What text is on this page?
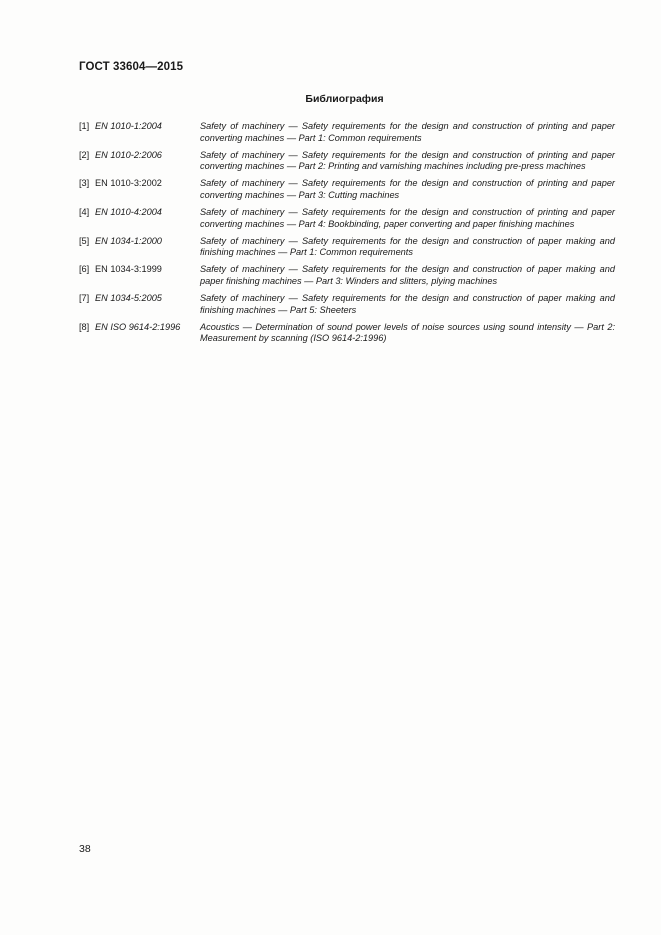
ГОСТ 33604—2015
Библиография
[1] EN 1010-1:2004	Safety of machinery — Safety requirements for the design and construction of printing and paper converting machines — Part 1: Common requirements
[2] EN 1010-2:2006	Safety of machinery — Safety requirements for the design and construction of printing and paper converting machines — Part 2: Printing and varnishing machines including pre-press machines
[3] EN 1010-3:2002	Safety of machinery — Safety requirements for the design and construction of printing and paper converting machines — Part 3: Cutting machines
[4] EN 1010-4:2004	Safety of machinery — Safety requirements for the design and construction of printing and paper converting machines — Part 4: Bookbinding, paper converting and paper finishing machines
[5] EN 1034-1:2000	Safety of machinery — Safety requirements for the design and construction of paper making and finishing machines — Part 1: Common requirements
[6] EN 1034-3:1999	Safety of machinery — Safety requirements for the design and construction of paper making and paper finishing machines — Part 3: Winders and slitters, plying machines
[7] EN 1034-5:2005	Safety of machinery — Safety requirements for the design and construction of paper making and finishing machines — Part 5: Sheeters
[8] EN ISO 9614-2:1996	Acoustics — Determination of sound power levels of noise sources using sound intensity — Part 2: Measurement by scanning (ISO 9614-2:1996)
38
